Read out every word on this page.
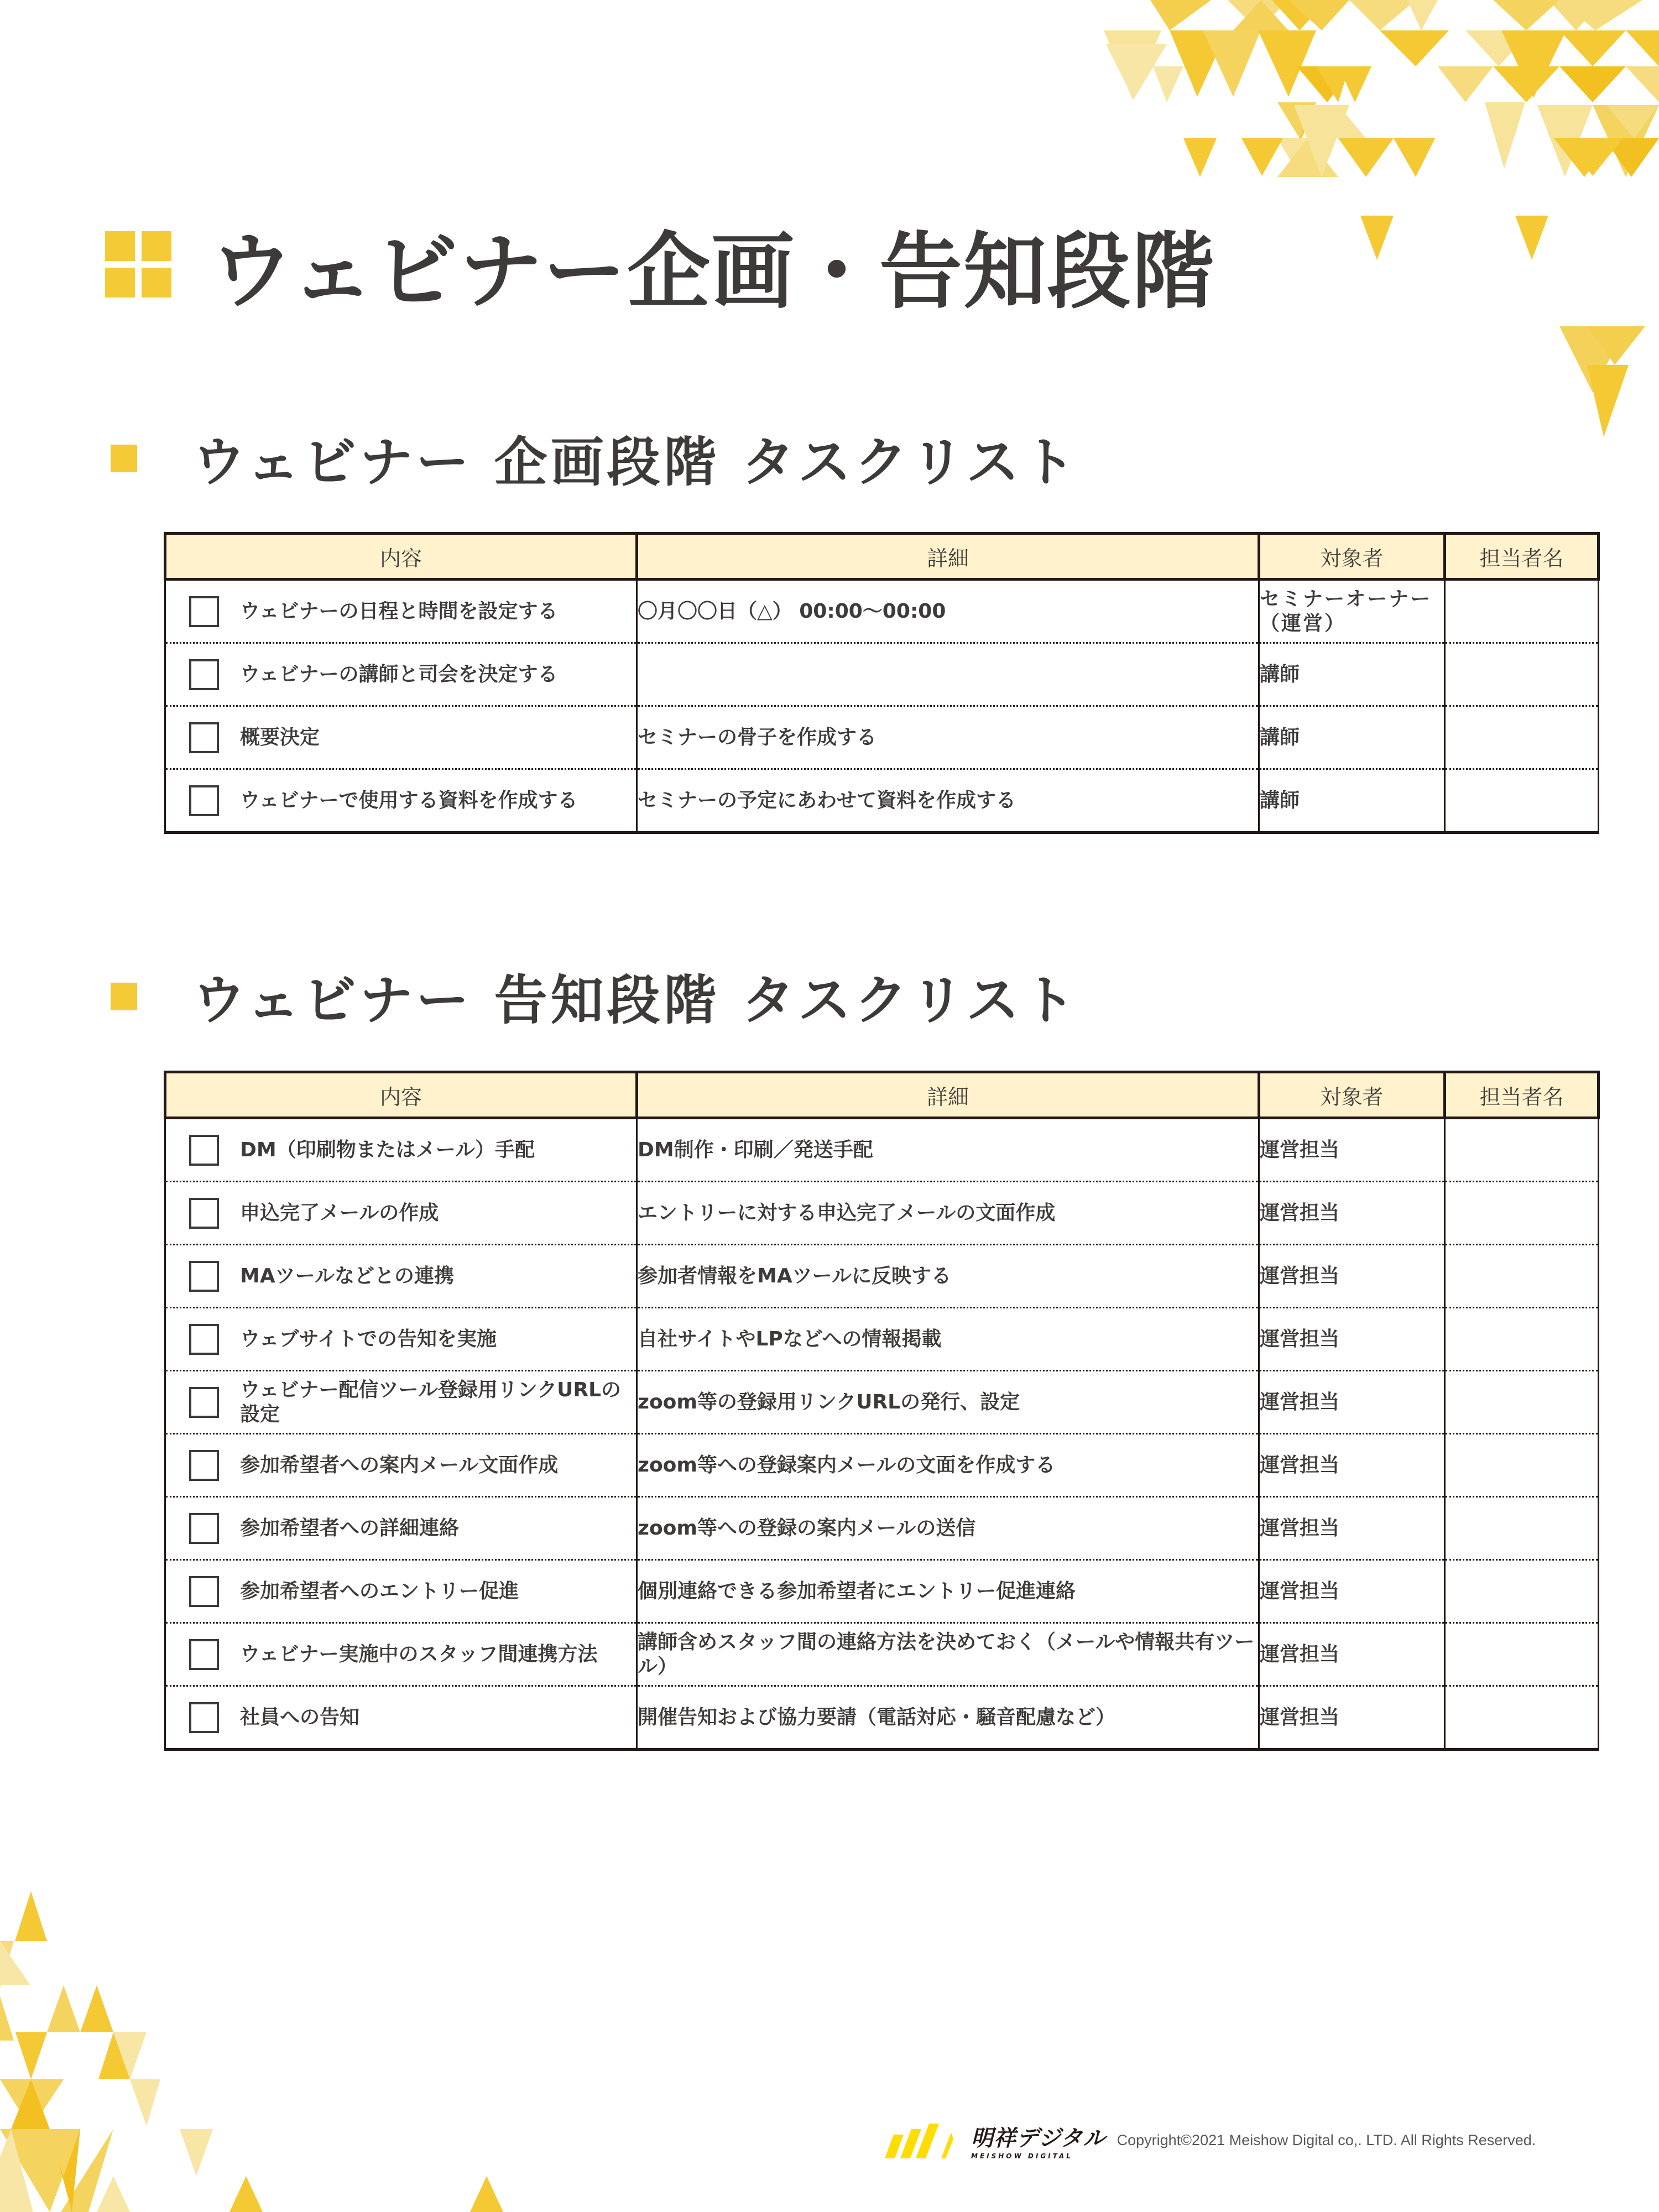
ウェビナー企画・告知段階
ウェビナー 企画段階 タスクリスト
内容	詳細	対象者	担当者名

ウェビナーの日程と時間を設定する	〇月〇〇日（△） 00:00～00:00	セミナーオーナー（運営）	

ウェビナーの講師と司会を決定する		講師	

概要決定	セミナーの骨子を作成する	講師	

ウェビナーで使用する資料を作成する	セミナーの予定にあわせて資料を作成する	講師	
ウェビナー 告知段階 タスクリスト
内容	詳細	対象者	担当者名

DM（印刷物またはメール）手配	DM制作・印刷／発送手配	運営担当	

申込完了メールの作成	エントリーに対する申込完了メールの文面作成	運営担当	

MAツールなどとの連携	参加者情報をMAツールに反映する	運営担当	

ウェブサイトでの告知を実施	自社サイトやLPなどへの情報掲載	運営担当	

ウェビナー配信ツール登録用リンクURLの設定	zoom等の登録用リンクURLの発行、設定	運営担当	

参加希望者への案内メール文面作成	zoom等への登録案内メールの文面を作成する	運営担当	

参加希望者への詳細連絡	zoom等への登録の案内メールの送信	運営担当	

参加希望者へのエントリー促進	個別連絡できる参加希望者にエントリー促進連絡	運営担当	

ウェビナー実施中のスタッフ間連携方法	講師含めスタッフ間の連絡方法を決めておく（メールや情報共有ツール）	運営担当	

社員への告知	開催告知および協力要請（電話対応・騒音配慮など）	運営担当	
明祥デジタル
MEISHOW DIGITAL
Copyright©2021 Meishow Digital co,. LTD. All Rights Reserved.
